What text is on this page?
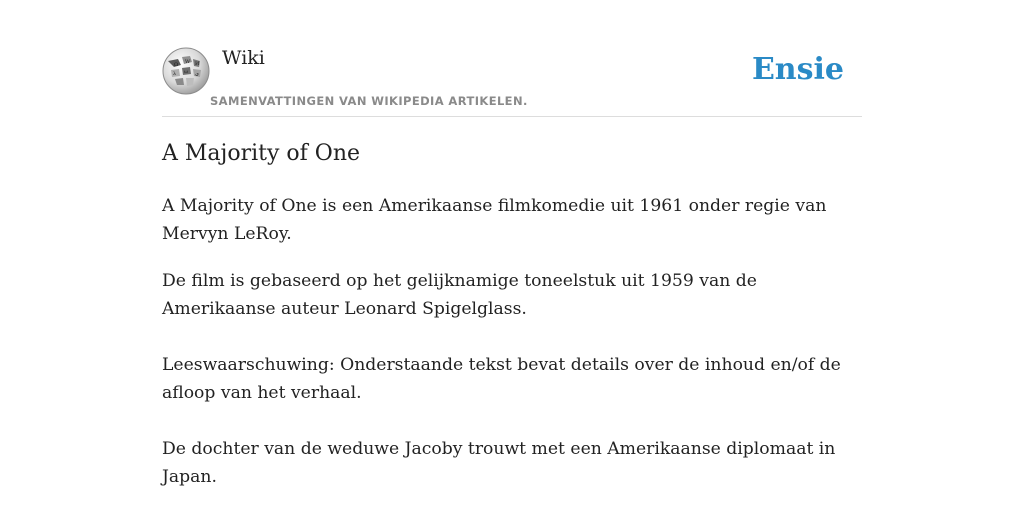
Ω W И
ω ي
λ
Wiki
SAMENVATTINGEN VAN WIKIPEDIA ARTIKELEN.
Ensie
A Majority of One

A Majority of One is een Amerikaanse filmkomedie uit 1961 onder regie van Mervyn LeRoy.

De film is gebaseerd op het gelijknamige toneelstuk uit 1959 van de Amerikaanse auteur Leonard Spigelglass.

Leeswaarschuwing: Onderstaande tekst bevat details over de inhoud en/of de afloop van het verhaal.

De dochter van de weduwe Jacoby trouwt met een Amerikaanse diplomaat in Japan.
